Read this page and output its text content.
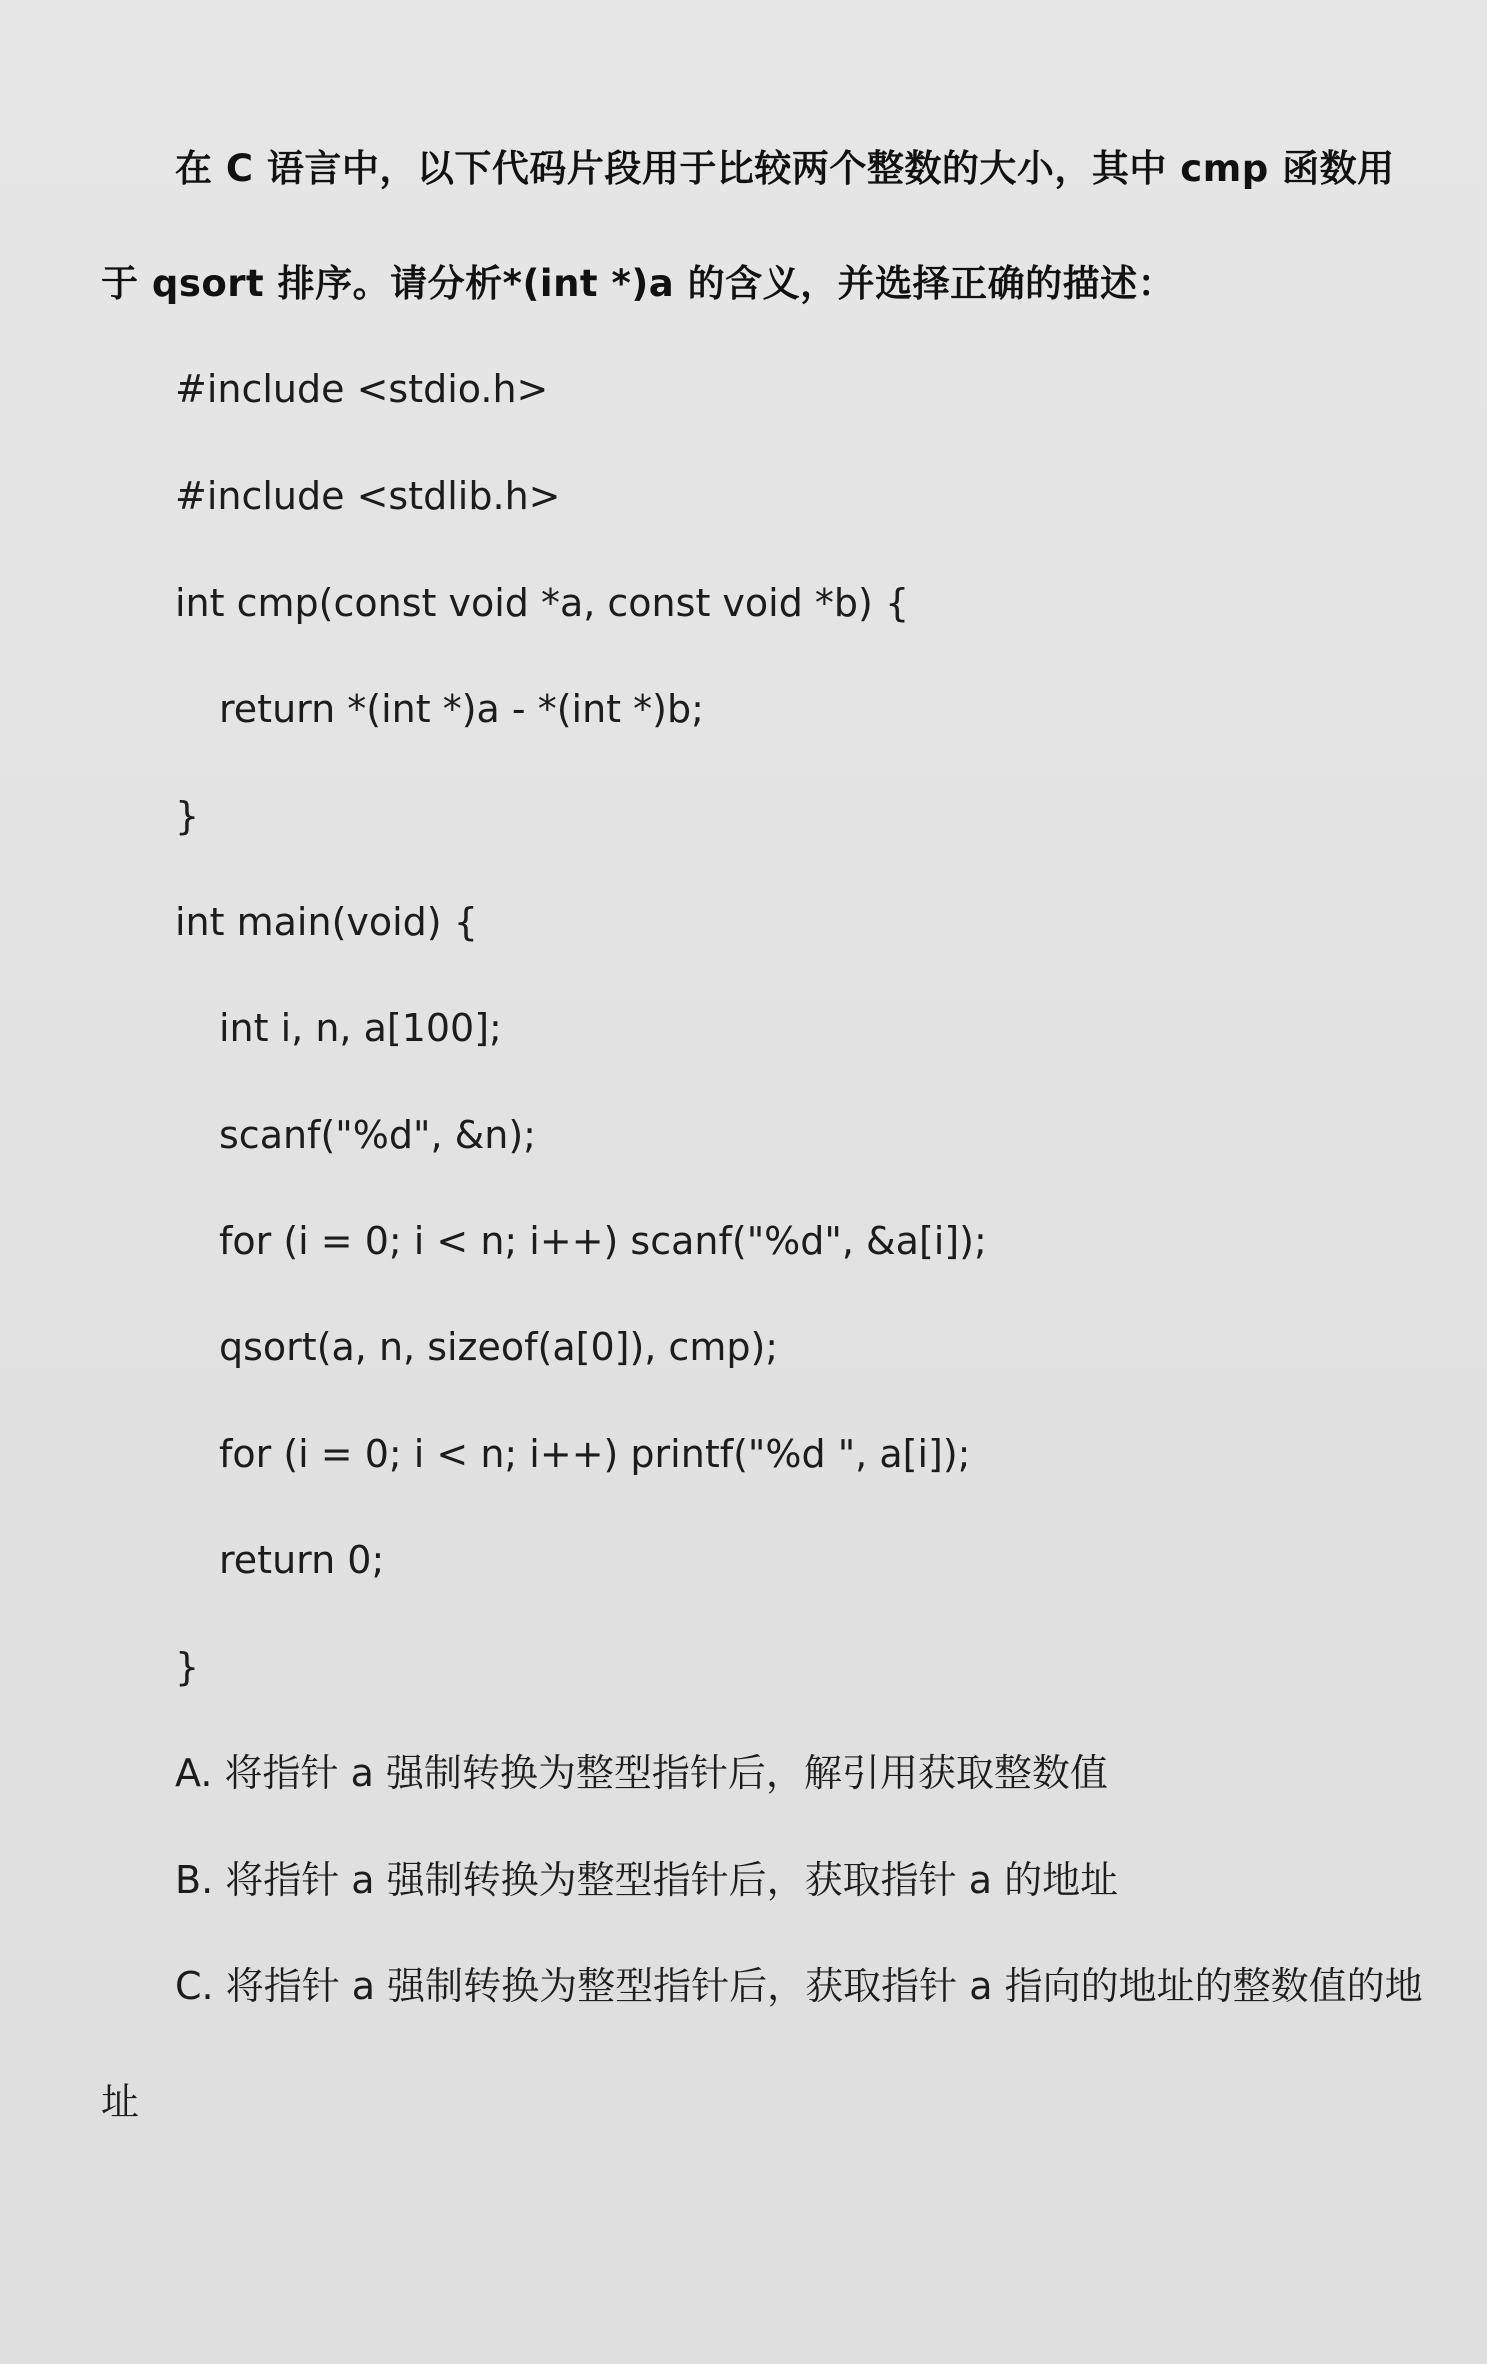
在 C 语言中，以下代码片段用于比较两个整数的大小，其中 cmp 函数用
于 qsort 排序。请分析*(int *)a 的含义，并选择正确的描述：
#include <stdio.h>
#include <stdlib.h>
int cmp(const void *a, const void *b) {
return *(int *)a - *(int *)b;
}
int main(void) {
int i, n, a[100];
scanf("%d", &n);
for (i = 0; i < n; i++) scanf("%d", &a[i]);
qsort(a, n, sizeof(a[0]), cmp);
for (i = 0; i < n; i++) printf("%d ", a[i]);
return 0;
}
A. 将指针 a 强制转换为整型指针后，解引用获取整数值
B. 将指针 a 强制转换为整型指针后，获取指针 a 的地址
C. 将指针 a 强制转换为整型指针后，获取指针 a 指向的地址的整数值的地
址
